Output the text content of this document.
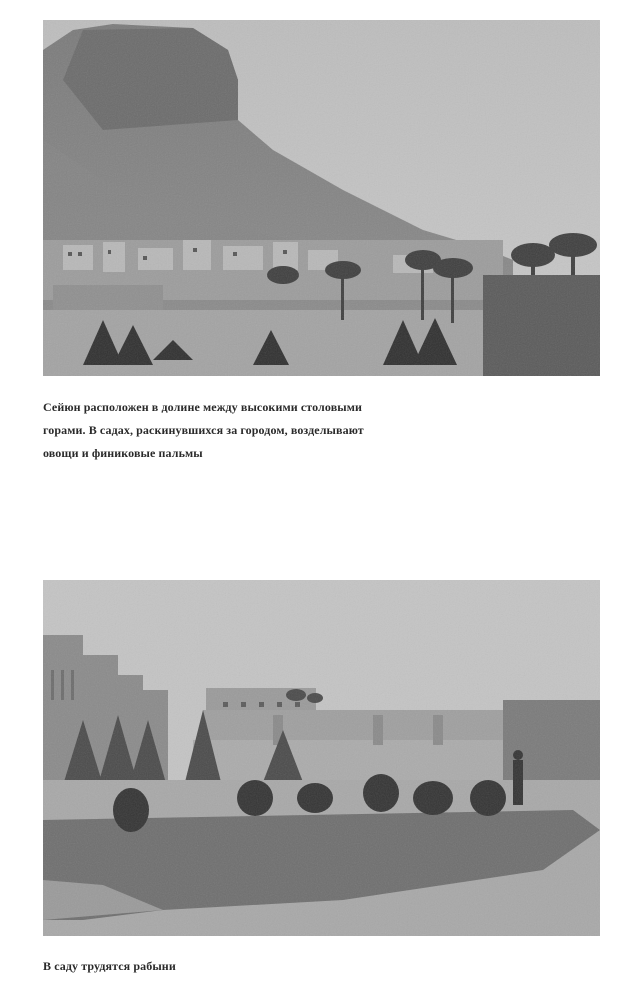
Сейюн расположен в долине между высокими столовыми
горами. В садах, раскинувшихся за городом, возделывают
овощи и финиковые пальмы
В саду трудятся рабыни
